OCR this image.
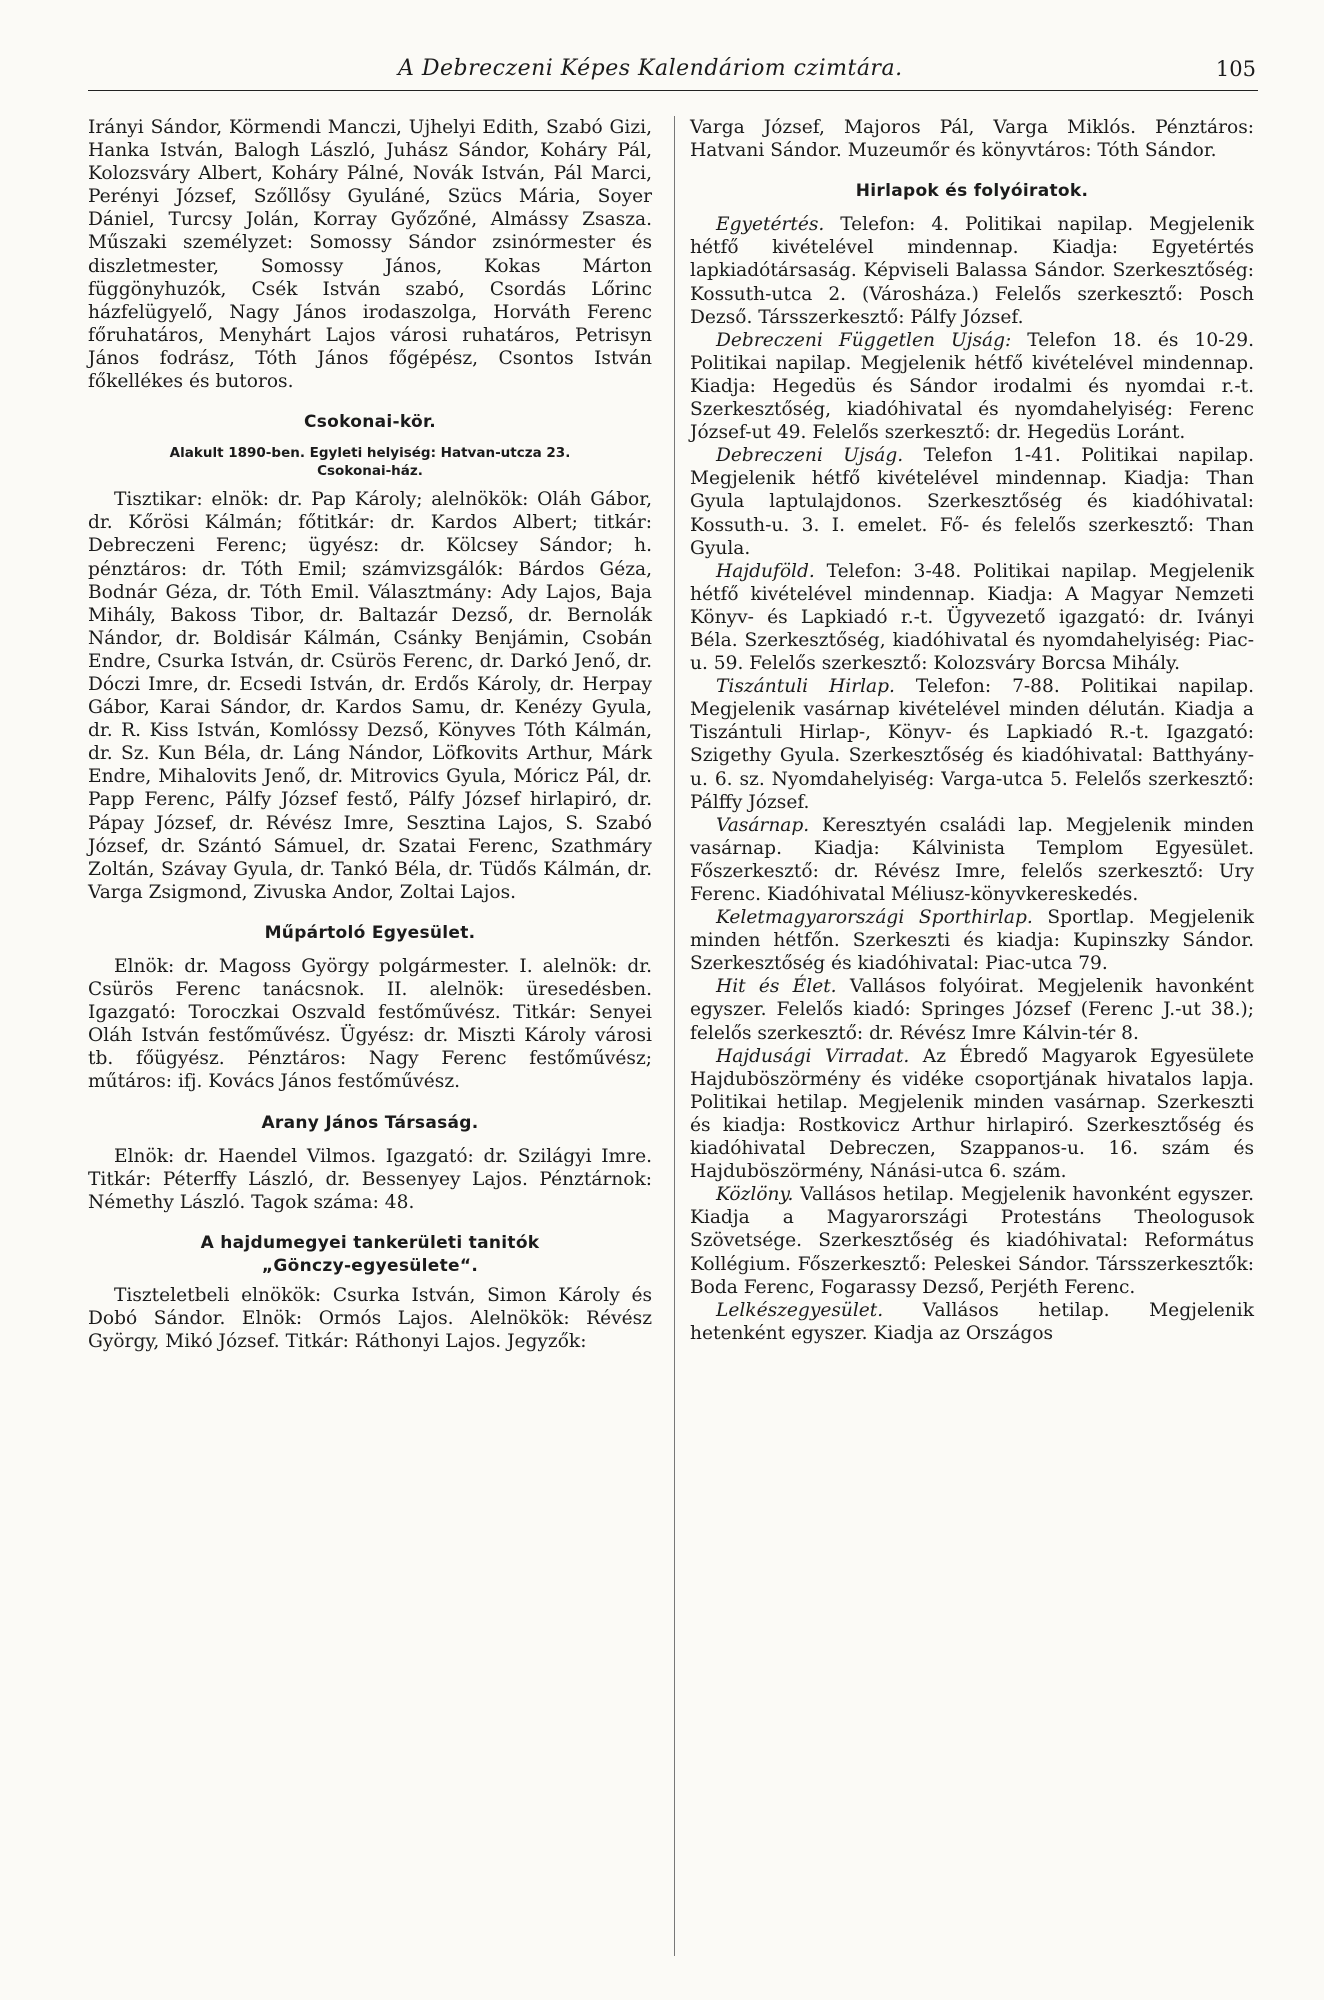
A Debreczeni Képes Kalendáriom czimtára.	105

Irányi Sándor, Körmendi Manczi, Ujhelyi Edith, Szabó Gizi, Hanka István, Balogh László, Juhász Sándor, Koháry Pál, Kolozsváry Albert, Koháry Pálné, Novák István, Pál Marci, Perényi József, Szőllősy Gyuláné, Szücs Mária, Soyer Dániel, Turcsy Jolán, Korray Győzőné, Almássy Zsasza. Műszaki személyzet: Somossy Sándor zsinórmester és diszletmester, Somossy János, Kokas Márton függönyhuzók, Csék István szabó, Csordás Lőrinc házfelügyelő, Nagy János irodaszolga, Horváth Ferenc főruhatáros, Menyhárt Lajos városi ruhatáros, Petrisyn János fodrász, Tóth János főgépész, Csontos István főkellékes és butoros.

Csokonai-kör.
Alakult 1890-ben. Egyleti helyiség: Hatvan-utcza 23.
Csokonai-ház.

Tisztikar: elnök: dr. Pap Károly; alelnökök: Oláh Gábor, dr. Kőrösi Kálmán; főtitkár: dr. Kardos Albert; titkár: Debreczeni Ferenc; ügyész: dr. Kölcsey Sándor; h. pénztáros: dr. Tóth Emil; számvizsgálók: Bárdos Géza, Bodnár Géza, dr. Tóth Emil. Választmány: Ady Lajos, Baja Mihály, Bakoss Tibor, dr. Baltazár Dezső, dr. Bernolák Nándor, dr. Boldisár Kálmán, Csánky Benjámin, Csobán Endre, Csurka István, dr. Csürös Ferenc, dr. Darkó Jenő, dr. Dóczi Imre, dr. Ecsedi István, dr. Erdős Károly, dr. Herpay Gábor, Karai Sándor, dr. Kardos Samu, dr. Kenézy Gyula, dr. R. Kiss István, Komlóssy Dezső, Könyves Tóth Kálmán, dr. Sz. Kun Béla, dr. Láng Nándor, Löfkovits Arthur, Márk Endre, Mihalovits Jenő, dr. Mitrovics Gyula, Móricz Pál, dr. Papp Ferenc, Pálfy József festő, Pálfy József hirlapiró, dr. Pápay József, dr. Révész Imre, Sesztina Lajos, S. Szabó József, dr. Szántó Sámuel, dr. Szatai Ferenc, Szathmáry Zoltán, Szávay Gyula, dr. Tankó Béla, dr. Tüdős Kálmán, dr. Varga Zsigmond, Zivuska Andor, Zoltai Lajos.

Műpártoló Egyesület.

Elnök: dr. Magoss György polgármester. I. alelnök: dr. Csürös Ferenc tanácsnok. II. alelnök: üresedésben. Igazgató: Toroczkai Oszvald festőművész. Titkár: Senyei Oláh István festőművész. Ügyész: dr. Miszti Károly városi tb. főügyész. Pénztáros: Nagy Ferenc festőművész; műtáros: ifj. Kovács János festőművész.

Arany János Társaság.

Elnök: dr. Haendel Vilmos. Igazgató: dr. Szilágyi Imre. Titkár: Péterffy László, dr. Bessenyey Lajos. Pénztárnok: Némethy László. Tagok száma: 48.

A hajdumegyei tankerületi tanitók
„Gönczy-egyesülete“.

Tiszteletbeli elnökök: Csurka István, Simon Károly és Dobó Sándor. Elnök: Ormós Lajos. Alelnökök: Révész György, Mikó József. Titkár: Ráthonyi Lajos. Jegyzők:

Varga József, Majoros Pál, Varga Miklós. Pénztáros: Hatvani Sándor. Muzeumőr és könyvtáros: Tóth Sándor.

Hirlapok és folyóiratok.

Egyetértés. Telefon: 4. Politikai napilap. Megjelenik hétfő kivételével mindennap. Kiadja: Egyetértés lapkiadótársaság. Képviseli Balassa Sándor. Szerkesztőség: Kossuth-utca 2. (Városháza.) Felelős szerkesztő: Posch Dezső. Társszerkesztő: Pálfy József.

Debreczeni Független Ujság: Telefon 18. és 10-29. Politikai napilap. Megjelenik hétfő kivételével mindennap. Kiadja: Hegedüs és Sándor irodalmi és nyomdai r.-t. Szerkesztőség, kiadóhivatal és nyomdahelyiség: Ferenc József-ut 49. Felelős szerkesztő: dr. Hegedüs Loránt.

Debreczeni Ujság. Telefon 1-41. Politikai napilap. Megjelenik hétfő kivételével mindennap. Kiadja: Than Gyula laptulajdonos. Szerkesztőség és kiadóhivatal: Kossuth-u. 3. I. emelet. Fő- és felelős szerkesztő: Than Gyula.

Hajduföld. Telefon: 3-48. Politikai napilap. Megjelenik hétfő kivételével mindennap. Kiadja: A Magyar Nemzeti Könyv- és Lapkiadó r.-t. Ügyvezető igazgató: dr. Iványi Béla. Szerkesztőség, kiadóhivatal és nyomdahelyiség: Piac-u. 59. Felelős szerkesztő: Kolozsváry Borcsa Mihály.

Tiszántuli Hirlap. Telefon: 7-88. Politikai napilap. Megjelenik vasárnap kivételével minden délután. Kiadja a Tiszántuli Hirlap-, Könyv- és Lapkiadó R.-t. Igazgató: Szigethy Gyula. Szerkesztőség és kiadóhivatal: Batthyány-u. 6. sz. Nyomdahelyiség: Varga-utca 5. Felelős szerkesztő: Pálffy József.

Vasárnap. Keresztyén családi lap. Megjelenik minden vasárnap. Kiadja: Kálvinista Templom Egyesület. Főszerkesztő: dr. Révész Imre, felelős szerkesztő: Ury Ferenc. Kiadóhivatal Méliusz-könyvkereskedés.

Keletmagyarországi Sporthirlap. Sportlap. Megjelenik minden hétfőn. Szerkeszti és kiadja: Kupinszky Sándor. Szerkesztőség és kiadóhivatal: Piac-utca 79.

Hit és Élet. Vallásos folyóirat. Megjelenik havonként egyszer. Felelős kiadó: Springes József (Ferenc J.-ut 38.); felelős szerkesztő: dr. Révész Imre Kálvin-tér 8.

Hajdusági Virradat. Az Ébredő Magyarok Egyesülete Hajduböszörmény és vidéke csoportjának hivatalos lapja. Politikai hetilap. Megjelenik minden vasárnap. Szerkeszti és kiadja: Rostkovicz Arthur hirlapiró. Szerkesztőség és kiadóhivatal Debreczen, Szappanos-u. 16. szám és Hajduböszörmény, Nánási-utca 6. szám.

Közlöny. Vallásos hetilap. Megjelenik havonként egyszer. Kiadja a Magyarországi Protestáns Theologusok Szövetsége. Szerkesztőség és kiadóhivatal: Református Kollégium. Főszerkesztő: Peleskei Sándor. Társszerkesztők: Boda Ferenc, Fogarassy Dezső, Perjéth Ferenc.

Lelkészegyesület. Vallásos hetilap. Megjelenik hetenként egyszer. Kiadja az Országos
